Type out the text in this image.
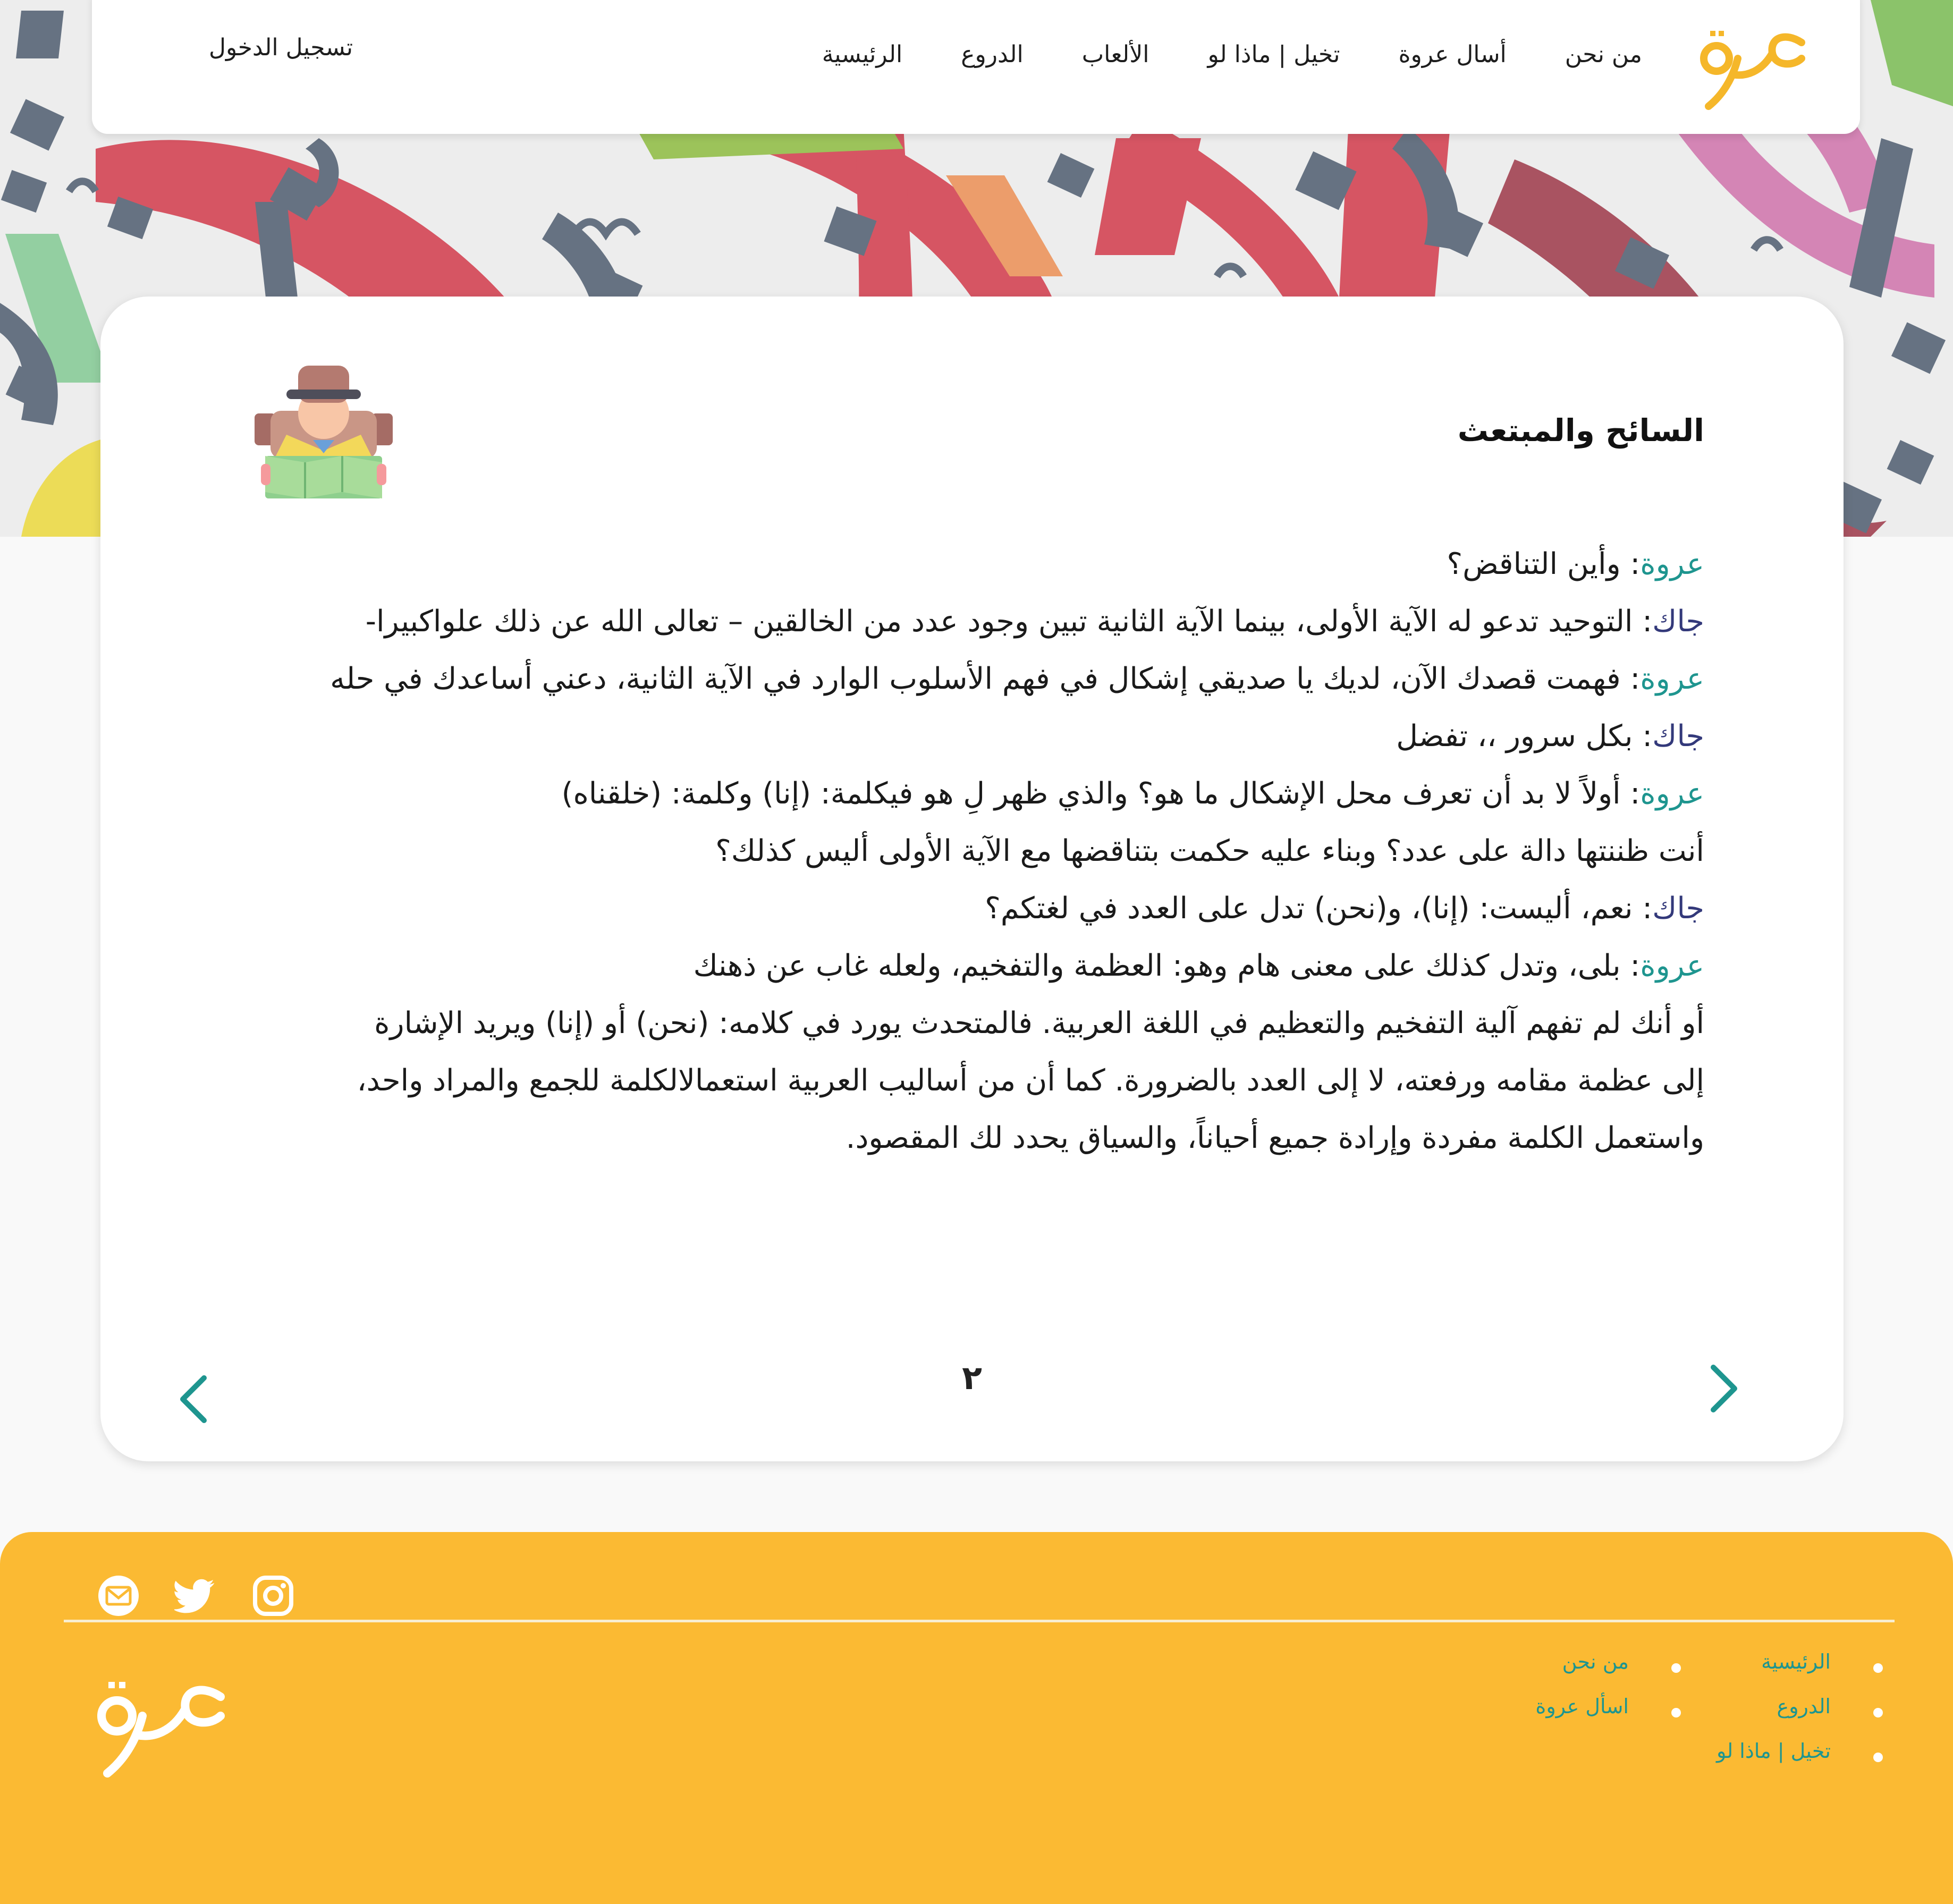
الرئيسية	الدروع	الألعاب	تخيل | ماذا لو	أسال عروة	من نحن
تسجيل الدخول
السائح والمبتعث
عروة: وأين التناقض؟
جاك: التوحيد تدعو له الآية الأولى، بينما الآية الثانية تبين وجود عدد من الخالقين – تعالى الله عن ذلك علواكبيرا-
عروة: فهمت قصدك الآن، لديك يا صديقي إشكال في فهم الأسلوب الوارد في الآية الثانية، دعني أساعدك في حله
جاك: بكل سرور ،، تفضل
عروة: أولاً لا بد أن تعرف محل الإشكال ما هو؟ والذي ظهر لِ هو فيكلمة: (إنا) وكلمة: (خلقناه)
أنت ظننتها دالة على عدد؟ وبناء عليه حكمت بتناقضها مع الآية الأولى أليس كذلك؟
جاك: نعم، أليست: (إنا)، و(نحن) تدل على العدد في لغتكم؟
عروة: بلى، وتدل كذلك على معنى هام وهو: العظمة والتفخيم، ولعله غاب عن ذهنك
أو أنك لم تفهم آلية التفخيم والتعظيم في اللغة العربية. فالمتحدث يورد في كلامه: (نحن) أو (إنا) ويريد الإشارة
إلى عظمة مقامه ورفعته، لا إلى العدد بالضرورة. كما أن من أساليب العربية استعمالالكلمة للجمع والمراد واحد،
واستعمل الكلمة مفردة وإرادة جميع أحياناً، والسياق يحدد لك المقصود.
٢
الرئيسية
الدروع
تخيل | ماذا لو
من نحن
اسأل عروة
